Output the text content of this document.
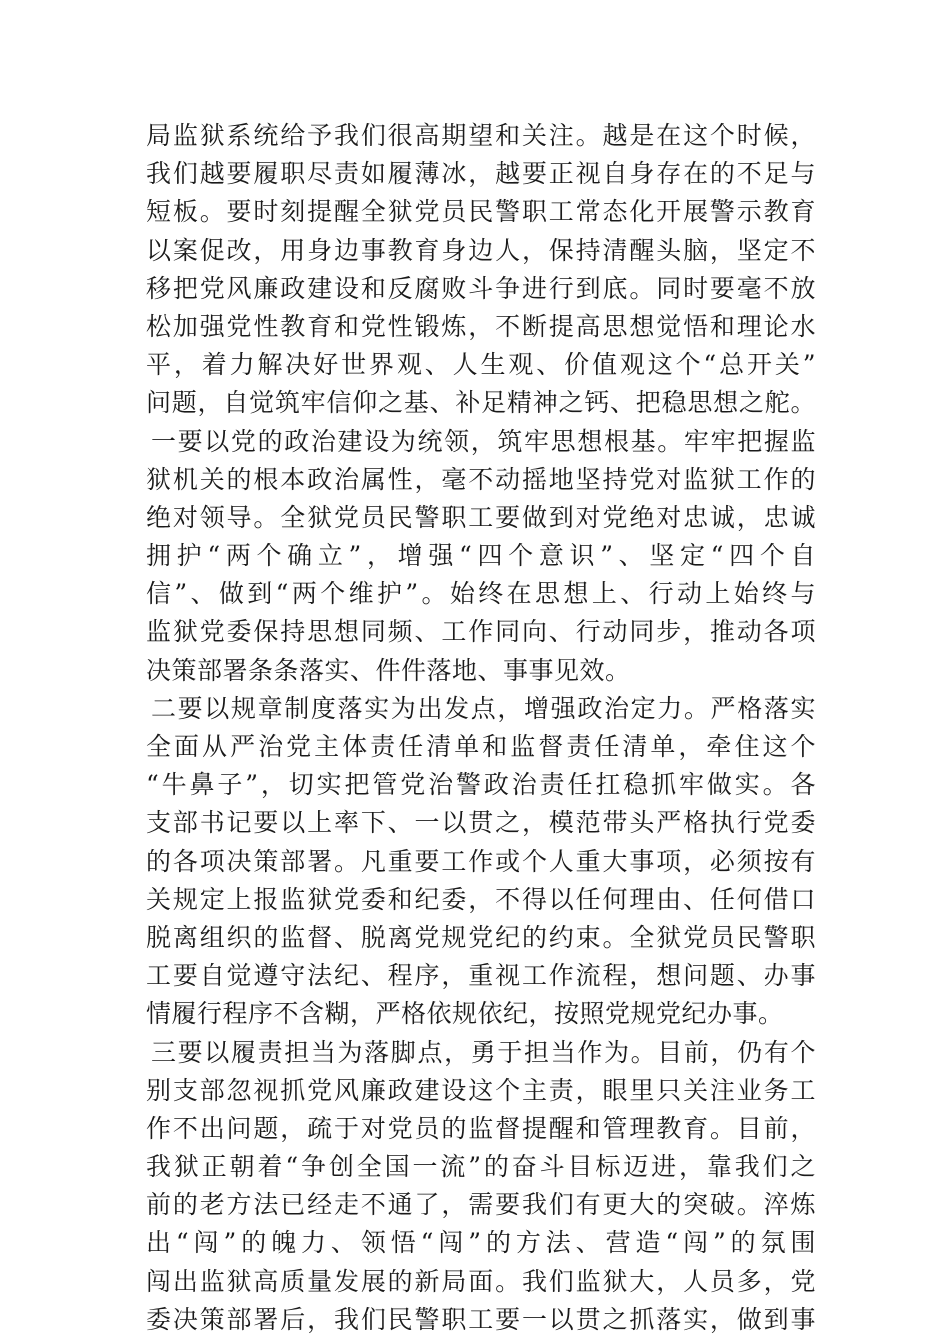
局监狱系统给予我们很高期望和关注。越是在这个时候，
我们越要履职尽责如履薄冰，越要正视自身存在的不足与
短板。要时刻提醒全狱党员民警职工常态化开展警示教育
以案促改，用身边事教育身边人，保持清醒头脑，坚定不
移把党风廉政建设和反腐败斗争进行到底。同时要毫不放
松加强党性教育和党性锻炼，不断提高思想觉悟和理论水
平，着力解决好世界观、人生观、价值观这个“总开关”
问题，自觉筑牢信仰之基、补足精神之钙、把稳思想之舵。
一要以党的政治建设为统领，筑牢思想根基。牢牢把握监
狱机关的根本政治属性，毫不动摇地坚持党对监狱工作的
绝对领导。全狱党员民警职工要做到对党绝对忠诚，忠诚
拥护“两个确立”，增强“四个意识”、坚定“四个自
信”、做到“两个维护”。始终在思想上、行动上始终与
监狱党委保持思想同频、工作同向、行动同步，推动各项
决策部署条条落实、件件落地、事事见效。
二要以规章制度落实为出发点，增强政治定力。严格落实
全面从严治党主体责任清单和监督责任清单，牵住这个
“牛鼻子”，切实把管党治警政治责任扛稳抓牢做实。各
支部书记要以上率下、一以贯之，模范带头严格执行党委
的各项决策部署。凡重要工作或个人重大事项，必须按有
关规定上报监狱党委和纪委，不得以任何理由、任何借口
脱离组织的监督、脱离党规党纪的约束。全狱党员民警职
工要自觉遵守法纪、程序，重视工作流程，想问题、办事
情履行程序不含糊，严格依规依纪，按照党规党纪办事。
三要以履责担当为落脚点，勇于担当作为。目前，仍有个
别支部忽视抓党风廉政建设这个主责，眼里只关注业务工
作不出问题，疏于对党员的监督提醒和管理教育。目前，
我狱正朝着“争创全国一流”的奋斗目标迈进，靠我们之
前的老方法已经走不通了，需要我们有更大的突破。淬炼
出“闯”的魄力、领悟“闯”的方法、营造“闯”的氛围
闯出监狱高质量发展的新局面。我们监狱大，人员多，党
委决策部署后，我们民警职工要一以贯之抓落实，做到事
